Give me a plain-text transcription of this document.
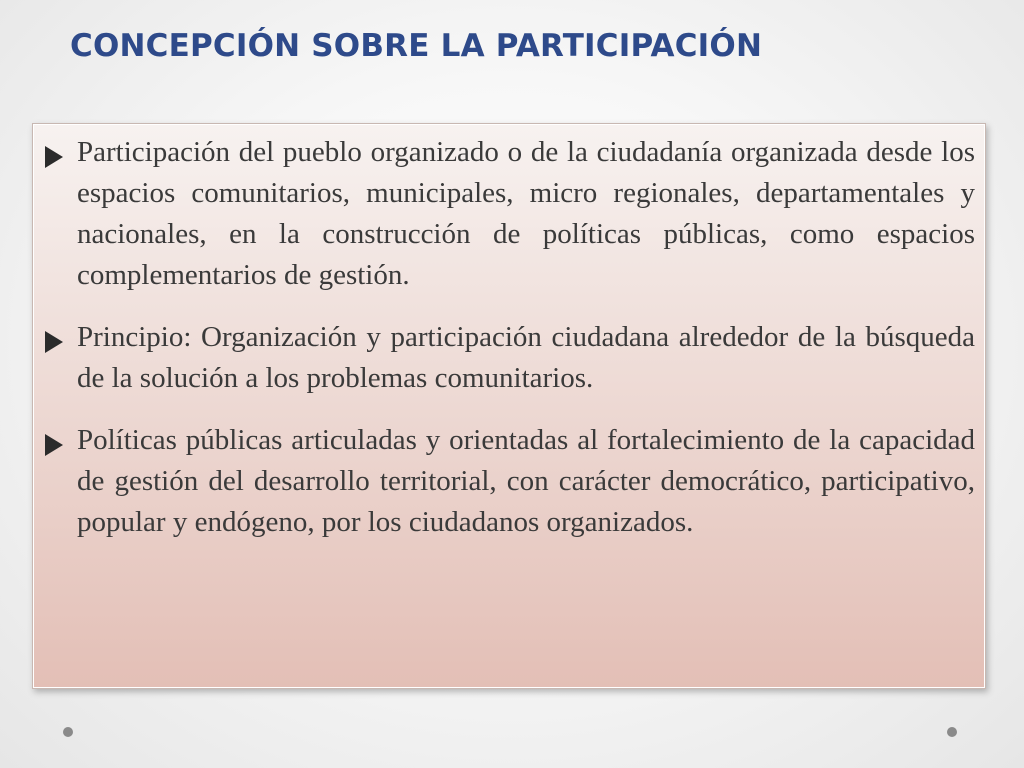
CONCEPCIÓN SOBRE LA PARTICIPACIÓN

Participación del pueblo organizado o de la ciudadanía organizada desde los espacios comunitarios, municipales, micro regionales, departamentales y nacionales, en la construcción de políticas públicas, como espacios complementarios de gestión.

Principio: Organización y participación ciudadana alrededor de la búsqueda de la solución a los problemas comunitarios.

Políticas públicas articuladas y orientadas al fortalecimiento de la capacidad de gestión del desarrollo territorial, con carácter democrático, participativo, popular y endógeno, por los ciudadanos organizados.
